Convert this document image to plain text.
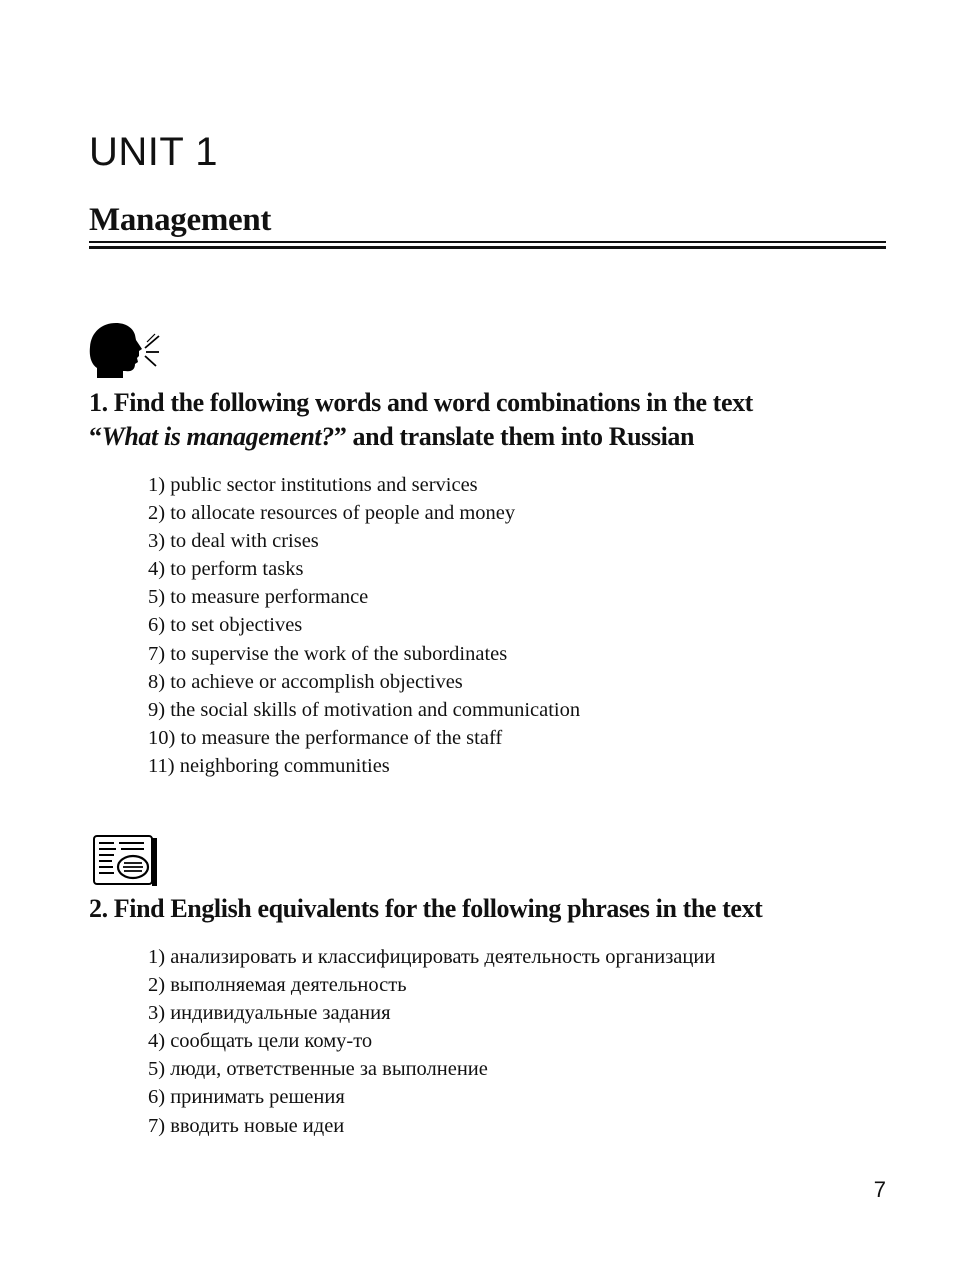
UNIT 1
Management
1. Find the following words and word combinations in the text
“What is management?” and translate them into Russian
1) public sector institutions and services
2) to allocate resources of people and money
3) to deal with crises
4) to perform tasks
5) to measure performance
6) to set objectives
7) to supervise the work of the subordinates
8) to achieve or accomplish objectives
9) the social skills of motivation and communication
10) to measure the performance of the staff
11) neighboring communities
2. Find English equivalents for the following phrases in the text
1) анализировать и классифицировать деятельность организации
2) выполняемая деятельность
3) индивидуальные задания
4) сообщать цели кому-то
5) люди, ответственные за выполнение
6) принимать решения
7) вводить новые идеи

7
